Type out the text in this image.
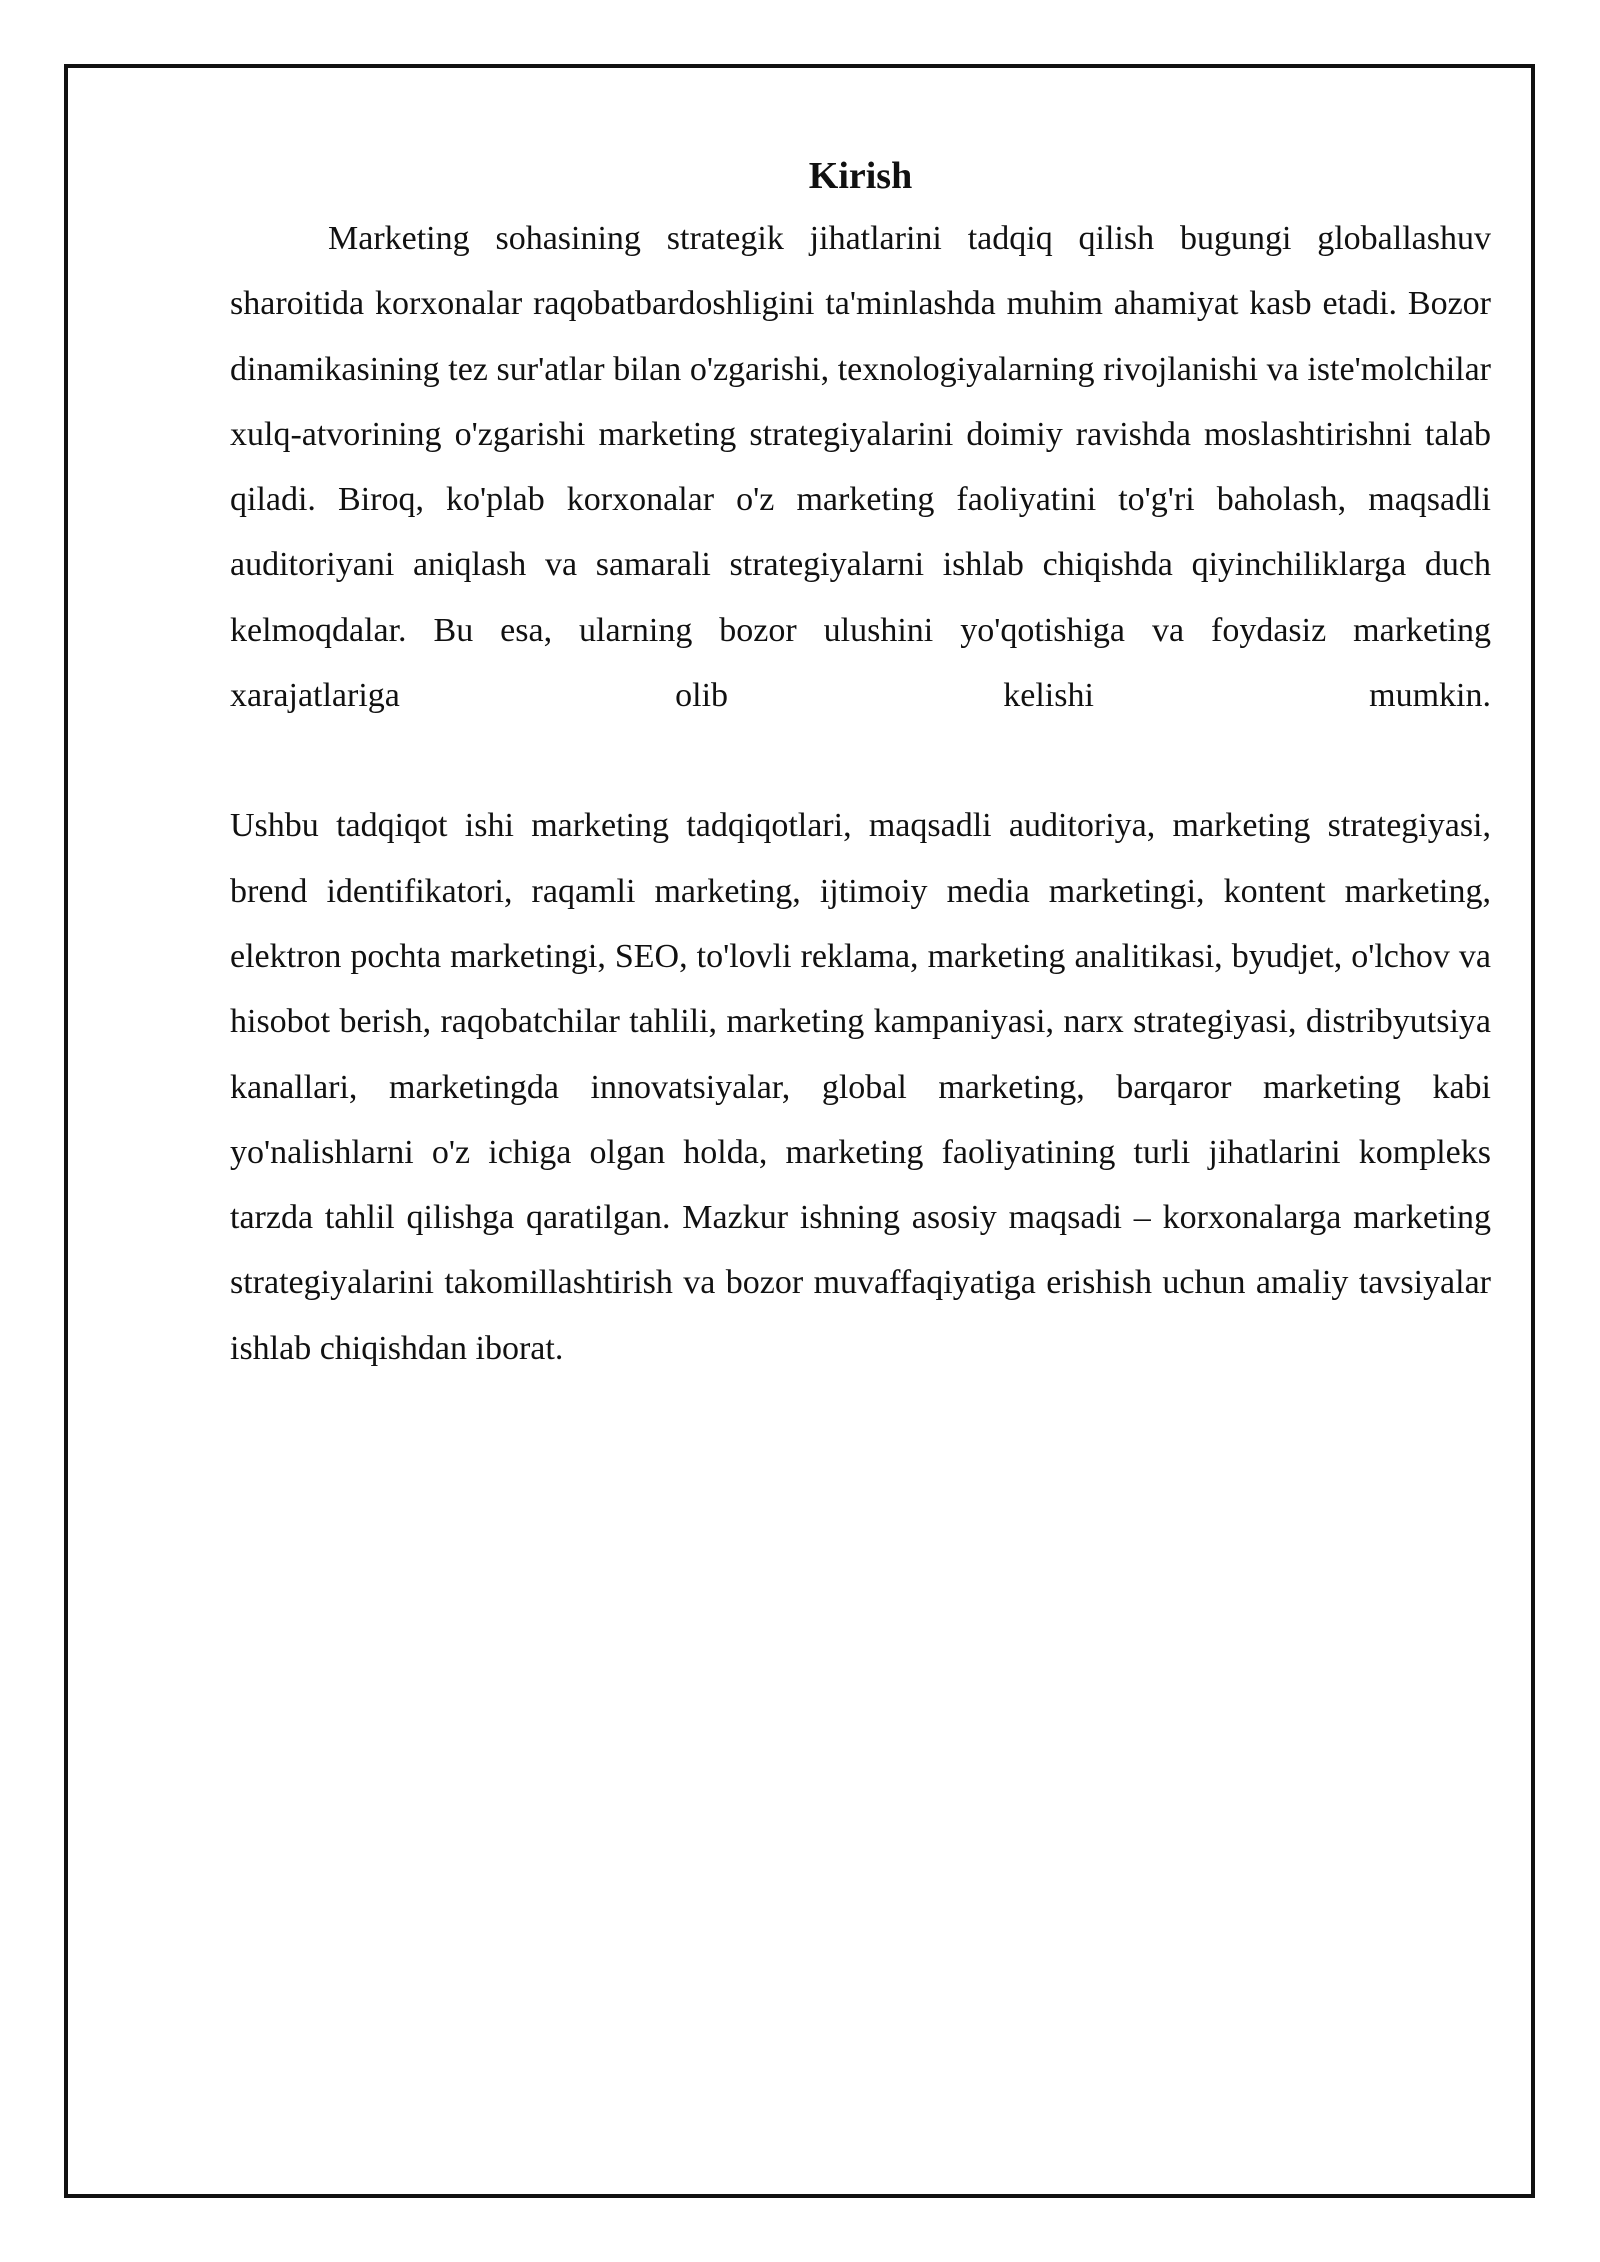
Kirish

Marketing sohasining strategik jihatlarini tadqiq qilish bugungi globallashuv sharoitida korxonalar raqobatbardoshligini ta'minlashda muhim ahamiyat kasb etadi. Bozor dinamikasining tez sur'atlar bilan o'zgarishi, texnologiyalarning rivojlanishi va iste'molchilar xulq-atvorining o'zgarishi marketing strategiyalarini doimiy ravishda moslashtirishni talab qiladi. Biroq, ko'plab korxonalar o'z marketing faoliyatini to'g'ri baholash, maqsadli auditoriyani aniqlash va samarali strategiyalarni ishlab chiqishda qiyinchiliklarga duch kelmoqdalar. Bu esa, ularning bozor ulushini yo'qotishiga va foydasiz marketing xarajatlariga olib kelishi mumkin.

Ushbu tadqiqot ishi marketing tadqiqotlari, maqsadli auditoriya, marketing strategiyasi, brend identifikatori, raqamli marketing, ijtimoiy media marketingi, kontent marketing, elektron pochta marketingi, SEO, to'lovli reklama, marketing analitikasi, byudjet, o'lchov va hisobot berish, raqobatchilar tahlili, marketing kampaniyasi, narx strategiyasi, distribyutsiya kanallari, marketingda innovatsiyalar, global marketing, barqaror marketing kabi yo'nalishlarni o'z ichiga olgan holda, marketing faoliyatining turli jihatlarini kompleks tarzda tahlil qilishga qaratilgan. Mazkur ishning asosiy maqsadi – korxonalarga marketing strategiyalarini takomillashtirish va bozor muvaffaqiyatiga erishish uchun amaliy tavsiyalar ishlab chiqishdan iborat.
